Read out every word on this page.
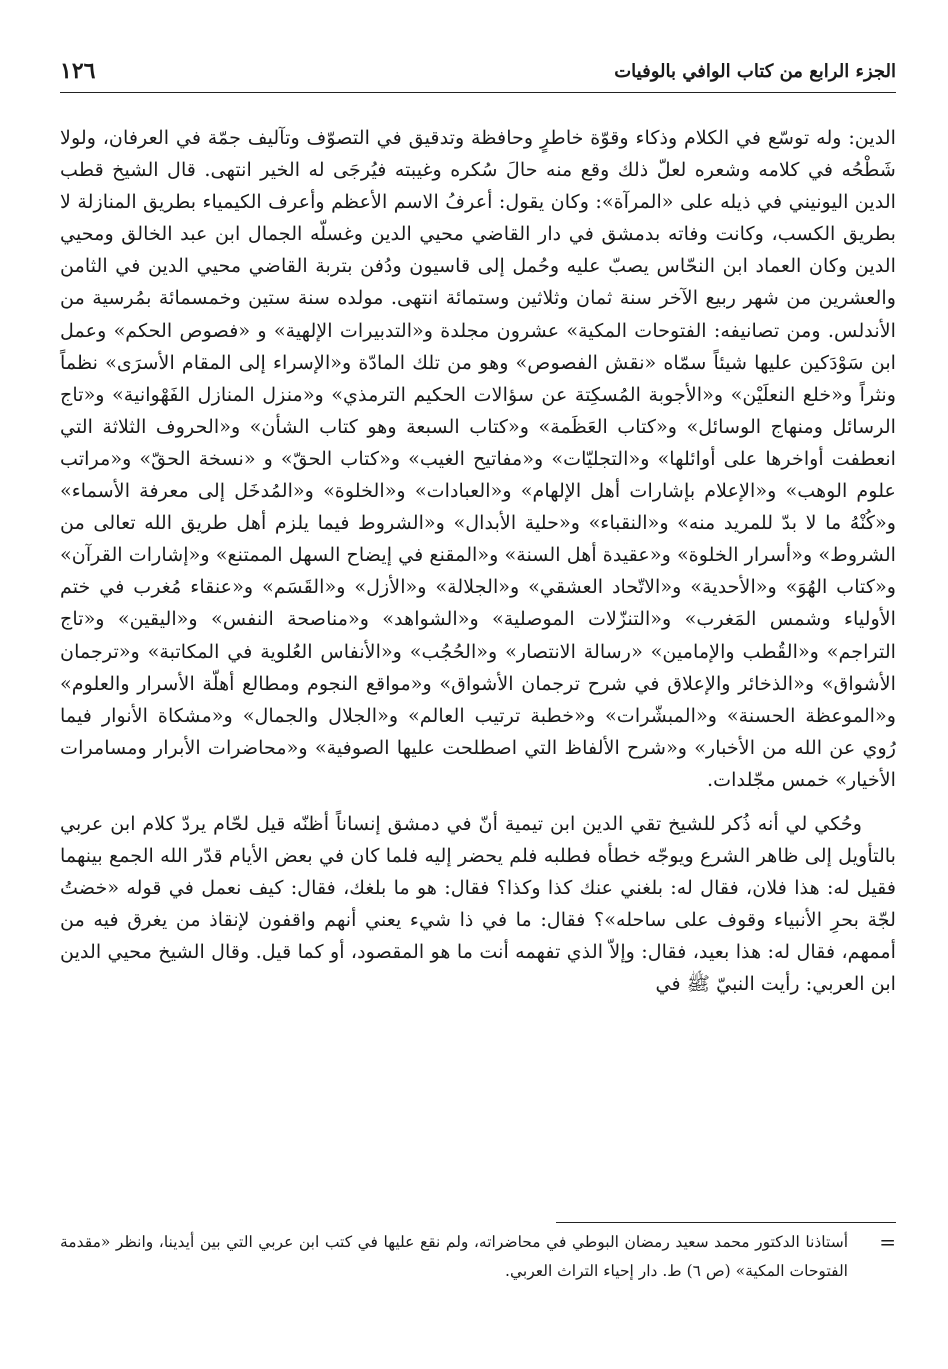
الجزء الرابع من كتاب الوافي بالوفيات
١٢٦

الدين: وله توسّع في الكلام وذكاء وقوّة خاطرٍ وحافظة وتدقيق في التصوّف وتآليف جمّة في العرفان، ولولا شَطْحُه في كلامه وشعره لعلّ ذلك وقع منه حالَ سُكره وغيبته فيُرجَى له الخير انتهى. قال الشيخ قطب الدين اليونيني في ذيله على «المرآة»: وكان يقول: أعرفُ الاسم الأعظم وأعرف الكيمياء بطريق المنازلة لا بطريق الكسب، وكانت وفاته بدمشق في دار القاضي محيي الدين وغسلّه الجمال ابن عبد الخالق ومحيي الدين وكان العماد ابن النحّاس يصبّ عليه وحُمل إلى قاسيون ودُفن بتربة القاضي محيي الدين في الثامن والعشرين من شهر ربيع الآخر سنة ثمان وثلاثين وستمائة انتهى. مولده سنة ستين وخمسمائة بمُرسية من الأندلس. ومن تصانيفه: الفتوحات المكية» عشرون مجلدة و«التدبيرات الإلهية» و «فصوص الحكم» وعمل ابن سَوْدَكين عليها شيئاً سمّاه «نقش الفصوص» وهو من تلك المادّة و«الإسراء إلى المقام الأسرَى» نظماً ونثراً و«خلع النعلَيْن» و«الأجوبة المُسكِتة عن سؤالات الحكيم الترمذي» و«منزل المنازل الفَهْوانية» و«تاج الرسائل ومنهاج الوسائل» و«كتاب العَظَمة» و«كتاب السبعة وهو كتاب الشأن» و«الحروف الثلاثة التي انعطفت أواخرها على أوائلها» و«التجليّات» و«مفاتيح الغيب» و«كتاب الحقّ» و «نسخة الحقّ» و«مراتب علوم الوهب» و«الإعلام بإشارات أهل الإلهام» و«العبادات» و«الخلوة» و«المُدخَل إلى معرفة الأسماء» و«كُنْهُ ما لا بدّ للمريد منه» و«النقباء» و«حلية الأبدال» و«الشروط فيما يلزم أهل طريق الله تعالى من الشروط» و«أسرار الخلوة» و«عقيدة أهل السنة» و«المقنع في إيضاح السهل الممتنع» و«إشارات القرآن» و«كتاب الهُوَ» و«الأحدية» و«الاتّحاد العشقي» و«الجلالة» و«الأزل» و«القَسَم» و«عنقاء مُغرب في ختم الأولياء وشمس المَغرب» و«التنزّلات الموصلية» و«الشواهد» و«مناصحة النفس» و«اليقين» و«تاج التراجم» و«القُطب والإمامين» «رسالة الانتصار» و«الحُجُب» و«الأنفاس العُلوية في المكاتبة» و«ترجمان الأشواق» و«الذخائر والإعلاق في شرح ترجمان الأشواق» و«مواقع النجوم ومطالع أهلّة الأسرار والعلوم» و«الموعظة الحسنة» و«المبشّرات» و«خطبة ترتيب العالم» و«الجلال والجمال» و«مشكاة الأنوار فيما رُوي عن الله من الأخبار» و«شرح الألفاظ التي اصطلحت عليها الصوفية» و«محاضرات الأبرار ومسامرات الأخيار» خمس مجّلدات.

وحُكي لي أنه ذُكر للشيخ تقي الدين ابن تيمية أنّ في دمشق إنساناً أظنّه قيل لحّام يردّ كلام ابن عربي بالتأويل إلى ظاهر الشرع ويوجّه خطأه فطلبه فلم يحضر إليه فلما كان في بعض الأيام قدّر الله الجمع بينهما فقيل له: هذا فلان، فقال له: بلغني عنك كذا وكذا؟ فقال: هو ما بلغك، فقال: كيف نعمل في قوله «خضتُ لجّة بحرِ الأنبياء وقوف على ساحله»؟ فقال: ما في ذا شيء يعني أنهم واقفون لإنقاذ من يغرق فيه من أممهم، فقال له: هذا بعيد، فقال: وإلاّ الذي تفهمه أنت ما هو المقصود، أو كما قيل. وقال الشيخ محيي الدين ابن العربي: رأيت النبيّ ﷺ في

=

أستاذنا الدكتور محمد سعيد رمضان البوطي في محاضراته، ولم نقع عليها في كتب ابن عربي التي بين أيدينا، وانظر «مقدمة الفتوحات المكية» (ص ٦) ط. دار إحياء التراث العربي.
